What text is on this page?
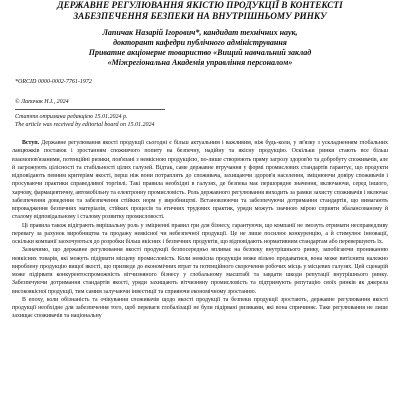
ДЕРЖАВНЕ РЕГУЛЮВАННЯ ЯКІСТЮ ПРОДУКЦІЇ В КОНТЕКСТІ
ЗАБЕЗПЕЧЕННЯ БЕЗПЕКИ НА ВНУТРІШНЬОМУ РИНКУ
Лапичак Назарій Ігорович*, кандидат технічних наук,
докторант кафедри публічного адміністрування
Приватне акціонерне товариство «Вищий навчальний заклад
«Міжрегіональна Академія управління персоналом»
*ORCID 0000-0002-7761-1972
© Лапичак Н.І., 2024
Стаття отримана редакцією 15.01.2024 р.
The article was received by editorial board on 15.01.2024

Вступ. Державне регулювання якості продукції сьогодні є більш актуальним і важливим, ніж будь-коли, у зв'язку з ускладненням глобальних ланцюжків поставок і зростанням споживчого попиту на безпечну, надійну та якісну продукцію. Оскільки ринки стають все більш взаємопов'язаними, потенційні ризики, пов'язані з неякісною продукцією, по-лише створюють пряму загрозу здоров'ю та добробуту споживачів, але й загрожують цілісності та стабільності цілих галузей. Відтак, саме державне втручання у формі промислових стандартів гарантує, що продукти відповідають певним критеріям якості, перш ніж вони потраплять до споживача, захищаючи здоров'я населення, зміцнюючи довіру споживачів і просуваючи практики справедливої торгівлі. Такі правила необхідні в галузях, де безпека має першорядне значення, включаючи, серед іншого, харчову, фармацевтичну, автомобільну та електронну промисловість. Роль державного регулювання виходить за рамки захисту споживачів і включає забезпечення доведення та забезпечення стійких норм у виробництві. Встановлюючи та забезпечуючи дотримання стандартів, що вимагають впровадження безпечних матеріалів, стійких процесів та етичних трудових практик, уряди можуть значною мірою сприяти збалансованому й сталому відповідальному і сталому розвитку промисловості.

Ці правила також відіграють вирішальну роль у зміцненні правил гри для бізнесу, гарантуючи, що компанії не змозуть отримати несправедливу перевагу за рахунок виробництва та продажу неякісної чи небезпечної продукції. Це не лише посилює конкуренцію, а й стимулює інновації, оскільки компанії заохочуються до розробки більш якісних і безпечних продуктів, що відповідають нормативним стандартам або перевершують їх.

Зазначимо, що державне регулювання якості продукції безпосередньо впливає на безпеку внутрішнього ринку, запобігаючи прониканню неякісних товарів, які можуть підірвати місцеву промисловість. Коли неякісна продукція може вільно продаватися, вона може витіснити належно вироблену продукцію вищої якості, що призведе до економічних втрат та потенційного скорочення робочих місць у місцевих галузях. Цей сценарій може підірвати конкурентоспроможність вітчизняного бізнесу у глобальному масштабі та завдати шкоди репутації внутрішнього ринку. Забезпечуючи дотримання стандартів якості, уряди захищають вітчизняну промисловість та підтримують репутацію своїх ринків як джерела високоякісної продукції, тим самим залучаючи інвестиції та сприяючи економічному зростанню.

В епоху, коли обізнаність та очікування споживачів щодо якості продукції та безпеки продукції зростають, державне регулювання якості продукції необхідне для забезпечення того, щоб переваги глобалізації не були підірвані ризиками, які вона спричиняє. Таке регулювання не лише захищає споживачів та національну
